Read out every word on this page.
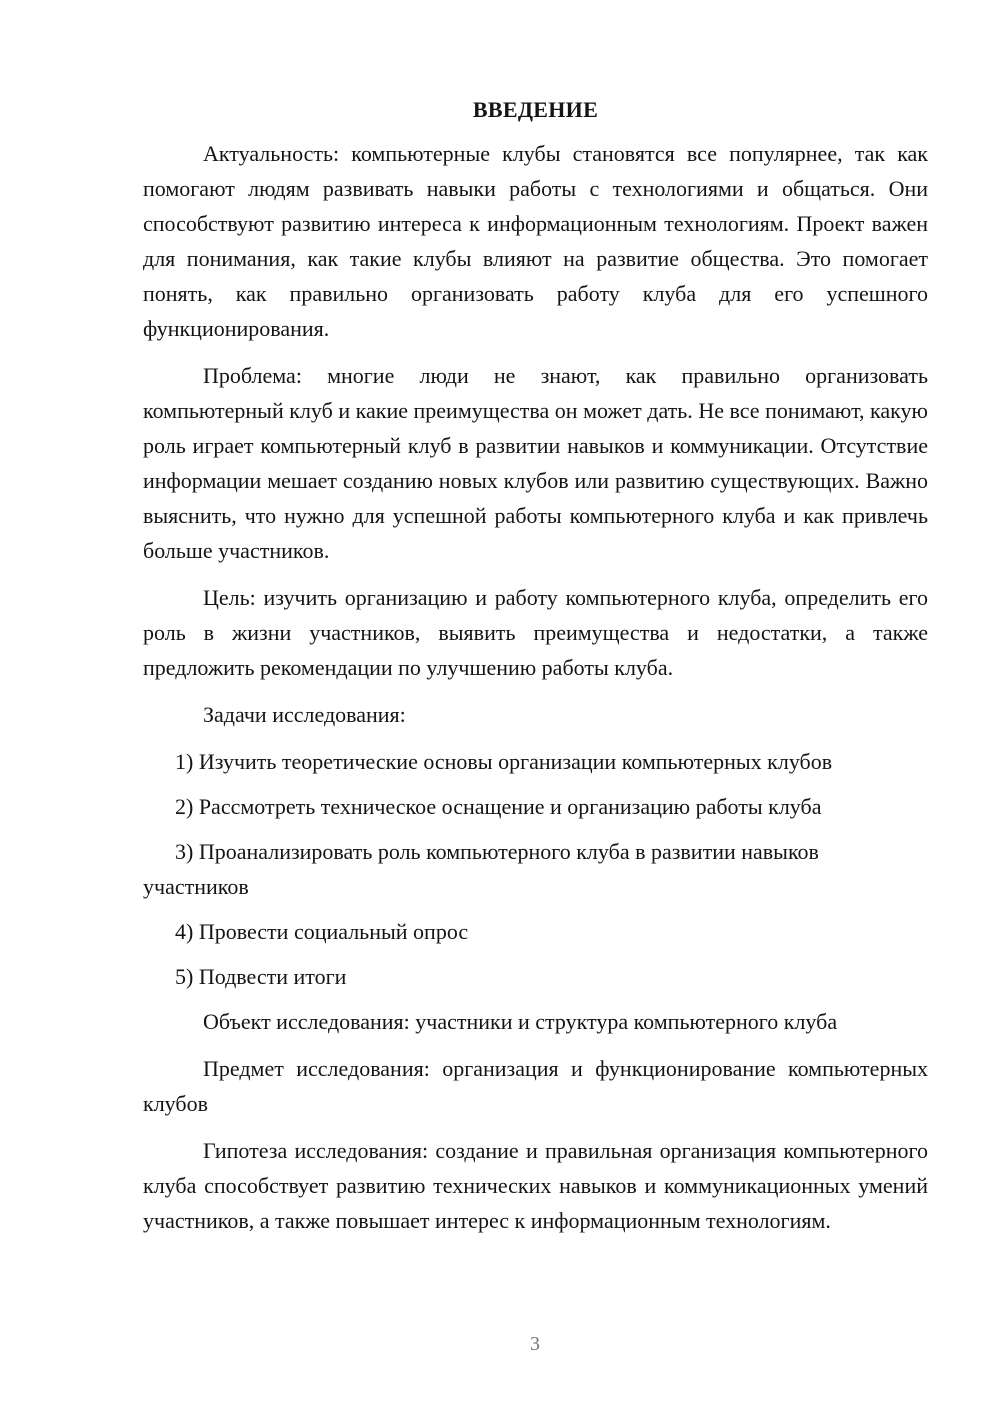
ВВЕДЕНИЕ

Актуальность: компьютерные клубы становятся все популярнее, так как помогают людям развивать навыки работы с технологиями и общаться. Они способствуют развитию интереса к информационным технологиям. Проект важен для понимания, как такие клубы влияют на развитие общества. Это помогает понять, как правильно организовать работу клуба для его успешного функционирования.

Проблема: многие люди не знают, как правильно организовать компьютерный клуб и какие преимущества он может дать. Не все понимают, какую роль играет компьютерный клуб в развитии навыков и коммуникации. Отсутствие информации мешает созданию новых клубов или развитию существующих. Важно выяснить, что нужно для успешной работы компьютерного клуба и как привлечь больше участников.

Цель: изучить организацию и работу компьютерного клуба, определить его роль в жизни участников, выявить преимущества и недостатки, а также предложить рекомендации по улучшению работы клуба.

Задачи исследования:

1) Изучить теоретические основы организации компьютерных клубов

2) Рассмотреть техническое оснащение и организацию работы клуба

3) Проанализировать роль компьютерного клуба в развитии навыков участников

4) Провести социальный опрос

5) Подвести итоги

Объект исследования: участники и структура компьютерного клуба

Предмет исследования: организация и функционирование компьютерных клубов

Гипотеза исследования: создание и правильная организация компьютерного клуба способствует развитию технических навыков и коммуникационных умений участников, а также повышает интерес к информационным технологиям.

3
